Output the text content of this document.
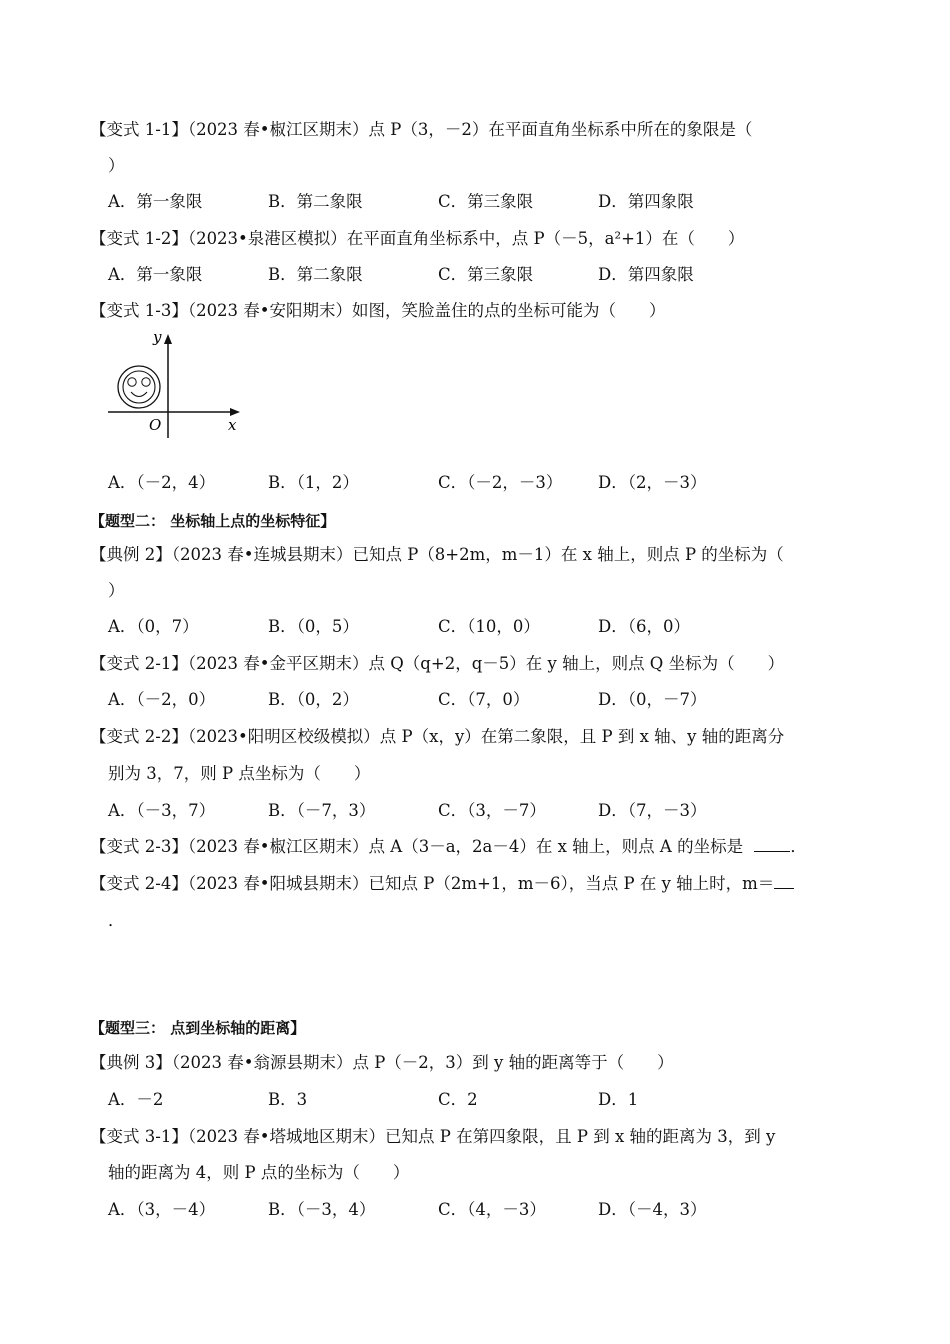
【变式 1-1】（2023 春•椒江区期末）点 P（3，－2）在平面直角坐标系中所在的象限是（
）
A．第一象限	B．第二象限	C．第三象限	D．第四象限
【变式 1-2】（2023•泉港区模拟）在平面直角坐标系中，点 P（－5，a²+1）在（　　）
A．第一象限	B．第二象限	C．第三象限	D．第四象限
【变式 1-3】（2023 春•安阳期末）如图，笑脸盖住的点的坐标可能为（　　）
y
x
O
A．（－2，4）	B．（1，2）	C．（－2，－3） D．（2，－3）
【题型二： 坐标轴上点的坐标特征】
【典例 2】（2023 春•连城县期末）已知点 P（8+2m，m－1）在 x 轴上，则点 P 的坐标为（
）
A．（0，7）	B．（0，5）	C．（10，0）	D．（6，0）
【变式 2-1】（2023 春•金平区期末）点 Q（q+2，q－5）在 y 轴上，则点 Q 坐标为（　　）
A．（－2，0）	B．（0，2）	C．（7，0）	D．（0，－7）
【变式 2-2】（2023•阳明区校级模拟）点 P（x，y）在第二象限，且 P 到 x 轴、y 轴的距离分
别为 3，7，则 P 点坐标为（　　）
A．（－3，7）	B．（－7，3）	C．（3，－7）	D．（7，－3）
【变式 2-3】（2023 春•椒江区期末）点 A（3－a，2a－4）在 x 轴上，则点 A 的坐标是	．
【变式 2-4】（2023 春•阳城县期末）已知点 P（2m+1，m－6），当点 P 在 y 轴上时，m＝
．
【题型三： 点到坐标轴的距离】
【典例 3】（2023 春•翁源县期末）点 P（－2，3）到 y 轴的距离等于（　　）
A．－2	B．3	C．2	D．1
【变式 3-1】（2023 春•塔城地区期末）已知点 P 在第四象限，且 P 到 x 轴的距离为 3，到 y
轴的距离为 4，则 P 点的坐标为（　　）
A．（3，－4）	B．（－3，4）	C．（4，－3）	D．（－4，3）
